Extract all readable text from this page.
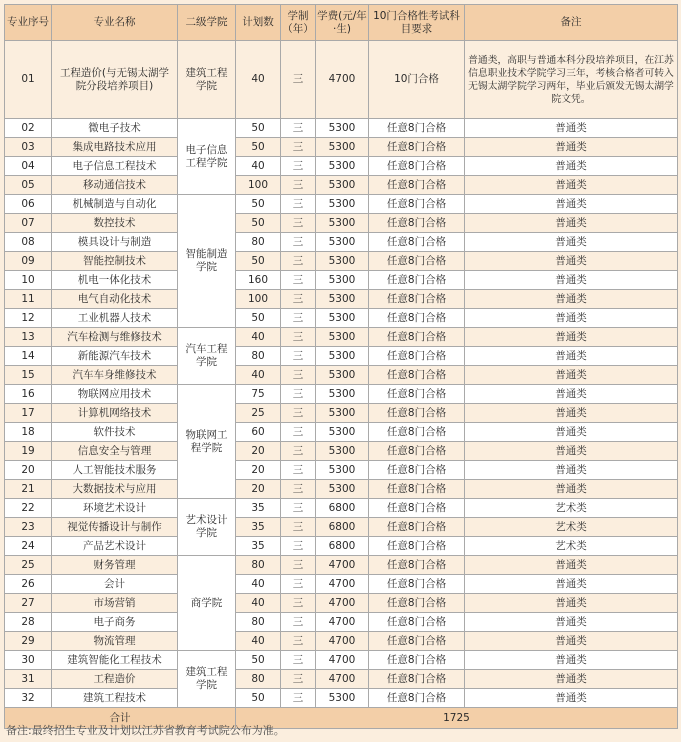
专业序号	专业名称	二级学院	计划数	学制（年）	学费(元/年·生)	10门合格性考试科目要求	备注
01	工程造价(与无锡太湖学院分段培养项目)	建筑工程学院	40	三	4700	10门合格	普通类，高职与普通本科分段培养项目，在江苏信息职业技术学院学习三年，考核合格者可转入无锡太湖学院学习两年，毕业后颁发无锡太湖学院文凭。
02	微电子技术	电子信息工程学院	50	三	5300	任意8门合格	普通类
03	集成电路技术应用		50	三	5300	任意8门合格	普通类
04	电子信息工程技术		40	三	5300	任意8门合格	普通类
05	移动通信技术		100	三	5300	任意8门合格	普通类
06	机械制造与自动化	智能制造学院	50	三	5300	任意8门合格	普通类
07	数控技术		50	三	5300	任意8门合格	普通类
08	模具设计与制造		80	三	5300	任意8门合格	普通类
09	智能控制技术		50	三	5300	任意8门合格	普通类
10	机电一体化技术		160	三	5300	任意8门合格	普通类
11	电气自动化技术		100	三	5300	任意8门合格	普通类
12	工业机器人技术		50	三	5300	任意8门合格	普通类
13	汽车检测与维修技术	汽车工程学院	40	三	5300	任意8门合格	普通类
14	新能源汽车技术		80	三	5300	任意8门合格	普通类
15	汽车车身维修技术		40	三	5300	任意8门合格	普通类
16	物联网应用技术	物联网工程学院	75	三	5300	任意8门合格	普通类
17	计算机网络技术		25	三	5300	任意8门合格	普通类
18	软件技术		60	三	5300	任意8门合格	普通类
19	信息安全与管理		20	三	5300	任意8门合格	普通类
20	人工智能技术服务		20	三	5300	任意8门合格	普通类
21	大数据技术与应用		20	三	5300	任意8门合格	普通类
22	环境艺术设计	艺术设计学院	35	三	6800	任意8门合格	艺术类
23	视觉传播设计与制作		35	三	6800	任意8门合格	艺术类
24	产品艺术设计		35	三	6800	任意8门合格	艺术类
25	财务管理	商学院	80	三	4700	任意8门合格	普通类
26	会计		40	三	4700	任意8门合格	普通类
27	市场营销		40	三	4700	任意8门合格	普通类
28	电子商务		80	三	4700	任意8门合格	普通类
29	物流管理		40	三	4700	任意8门合格	普通类
30	建筑智能化工程技术	建筑工程学院	50	三	4700	任意8门合格	普通类
31	工程造价		80	三	4700	任意8门合格	普通类
32	建筑工程技术		50	三	5300	任意8门合格	普通类
合计			1725				
备注:最终招生专业及计划以江苏省教育考试院公布为准。
